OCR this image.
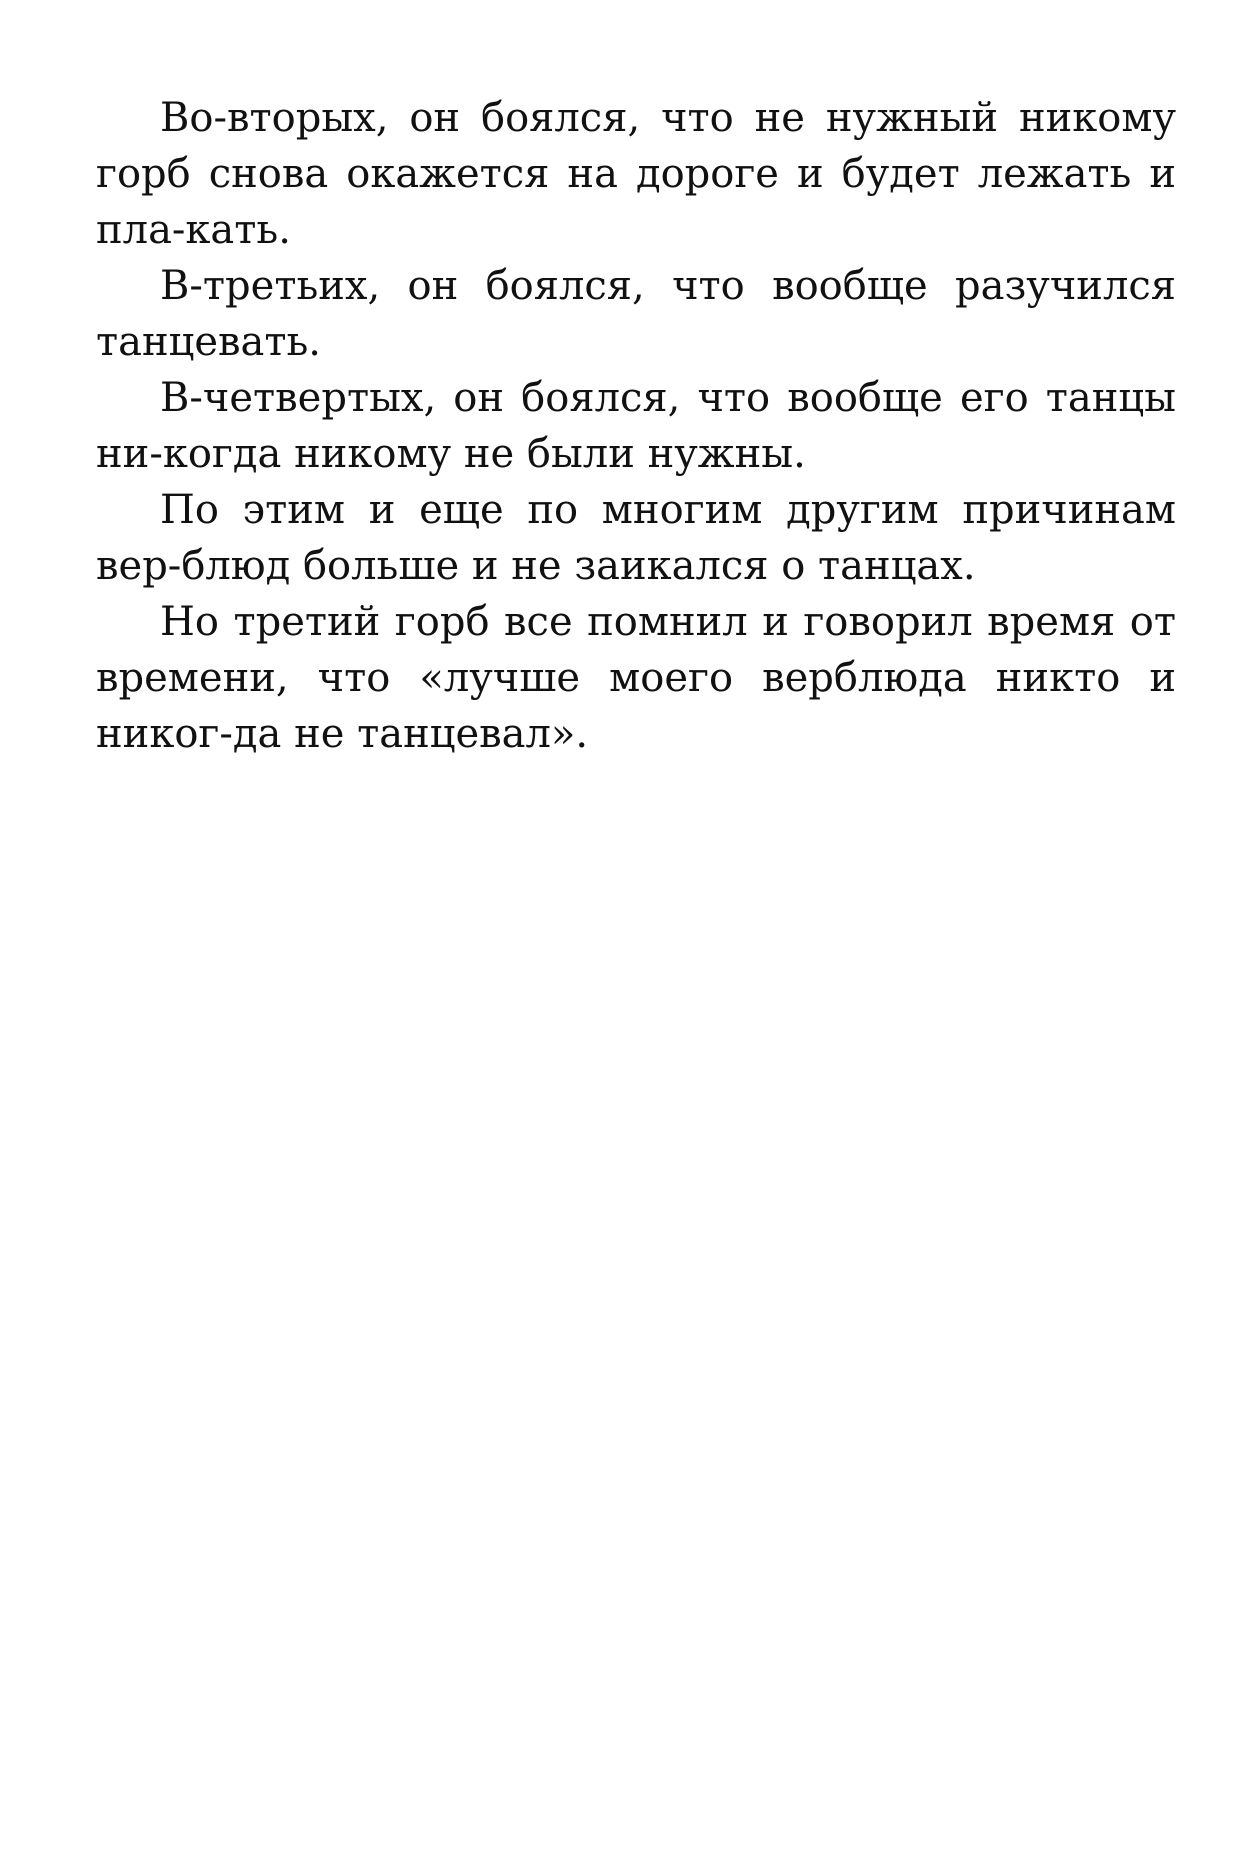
Во-вторых, он боялся, что не нужный никому горб снова окажется на дороге и будет лежать и пла-кать.

В-третьих, он боялся, что вообще разучился танцевать.

В-четвертых, он боялся, что вообще его танцы ни-когда никому не были нужны.

По этим и еще по многим другим причинам вер-блюд больше и не заикался о танцах.

Но третий горб все помнил и говорил время от времени, что «лучше моего верблюда никто и никог-да не танцевал».
